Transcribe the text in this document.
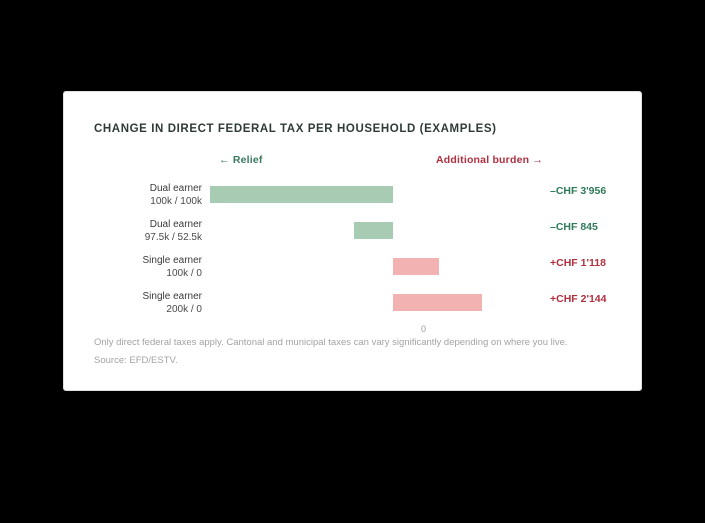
CHANGE IN DIRECT FEDERAL TAX PER HOUSEHOLD (EXAMPLES)
← Relief	Additional burden →
Dual earner
100k / 100k
–CHF 3'956
Dual earner
97.5k / 52.5k
–CHF 845
Single earner
100k / 0
+CHF 1'118
Single earner
200k / 0
+CHF 2'144
0
Only direct federal taxes apply. Cantonal and municipal taxes can vary significantly depending on where you live.
Source: EFD/ESTV.
